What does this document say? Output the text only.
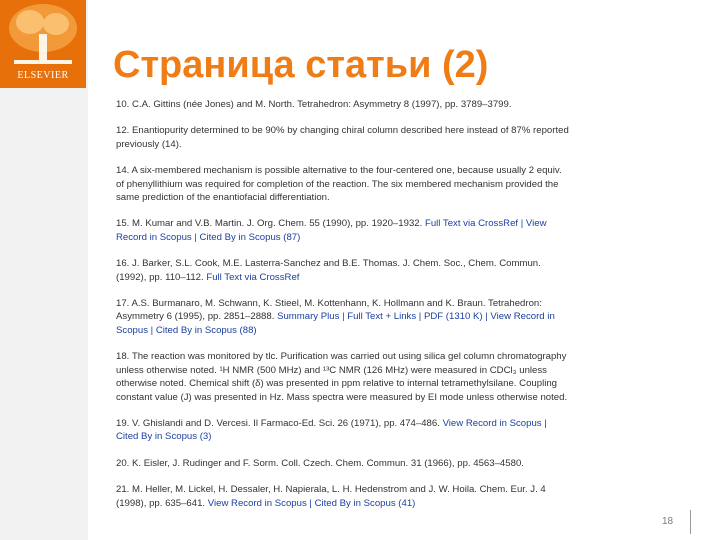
ELSEVIER	Страница статьи (2)
10. C.A. Gittins (née Jones) and M. North. Tetrahedron: Asymmetry 8 (1997), pp. 3789–3799.
12. Enantiopurity determined to be 90% by changing chiral column described here instead of 87% reported previously (14).
14. A six-membered mechanism is possible alternative to the four-centered one, because usually 2 equiv. of phenyllithium was required for completion of the reaction. The six membered mechanism provided the same prediction of the enantiofacial differentiation.
15. M. Kumar and V.B. Martin. J. Org. Chem. 55 (1990), pp. 1920–1932. Full Text via CrossRef | View Record in Scopus | Cited By in Scopus (87)
16. J. Barker, S.L. Cook, M.E. Lasterra-Sanchez and B.E. Thomas. J. Chem. Soc., Chem. Commun. (1992), pp. 110–112. Full Text via CrossRef
17. A.S. Burmanaro, M. Schwann, K. Stieel, M. Kottenhann, K. Hollmann and K. Braun. Tetrahedron: Asymmetry 6 (1995), pp. 2851–2888. Summary Plus | Full Text + Links | PDF (1310 K) | View Record in Scopus | Cited By in Scopus (88)
18. The reaction was monitored by tlc. Purification was carried out using silica gel column chromatography unless otherwise noted. ¹H NMR (500 MHz) and ¹³C NMR (126 MHz) were measured in CDCl₃ unless otherwise noted. Chemical shift (δ) was presented in ppm relative to internal tetramethylsilane. Coupling constant value (J) was presented in Hz. Mass spectra were measured by EI mode unless otherwise noted.
19. V. Ghislandi and D. Vercesi. Il Farmaco-Ed. Sci. 26 (1971), pp. 474–486. View Record in Scopus | Cited By in Scopus (3)
20. K. Eisler, J. Rudinger and F. Sorm. Coll. Czech. Chem. Commun. 31 (1966), pp. 4563–4580.
21. M. Heller, M. Lickel, H. Dessaler, H. Napierala, L. H. Hedenstrom and J. W. Hoila. Chem. Eur. J. 4 (1998), pp. 635–641. View Record in Scopus | Cited By in Scopus (41)
18
